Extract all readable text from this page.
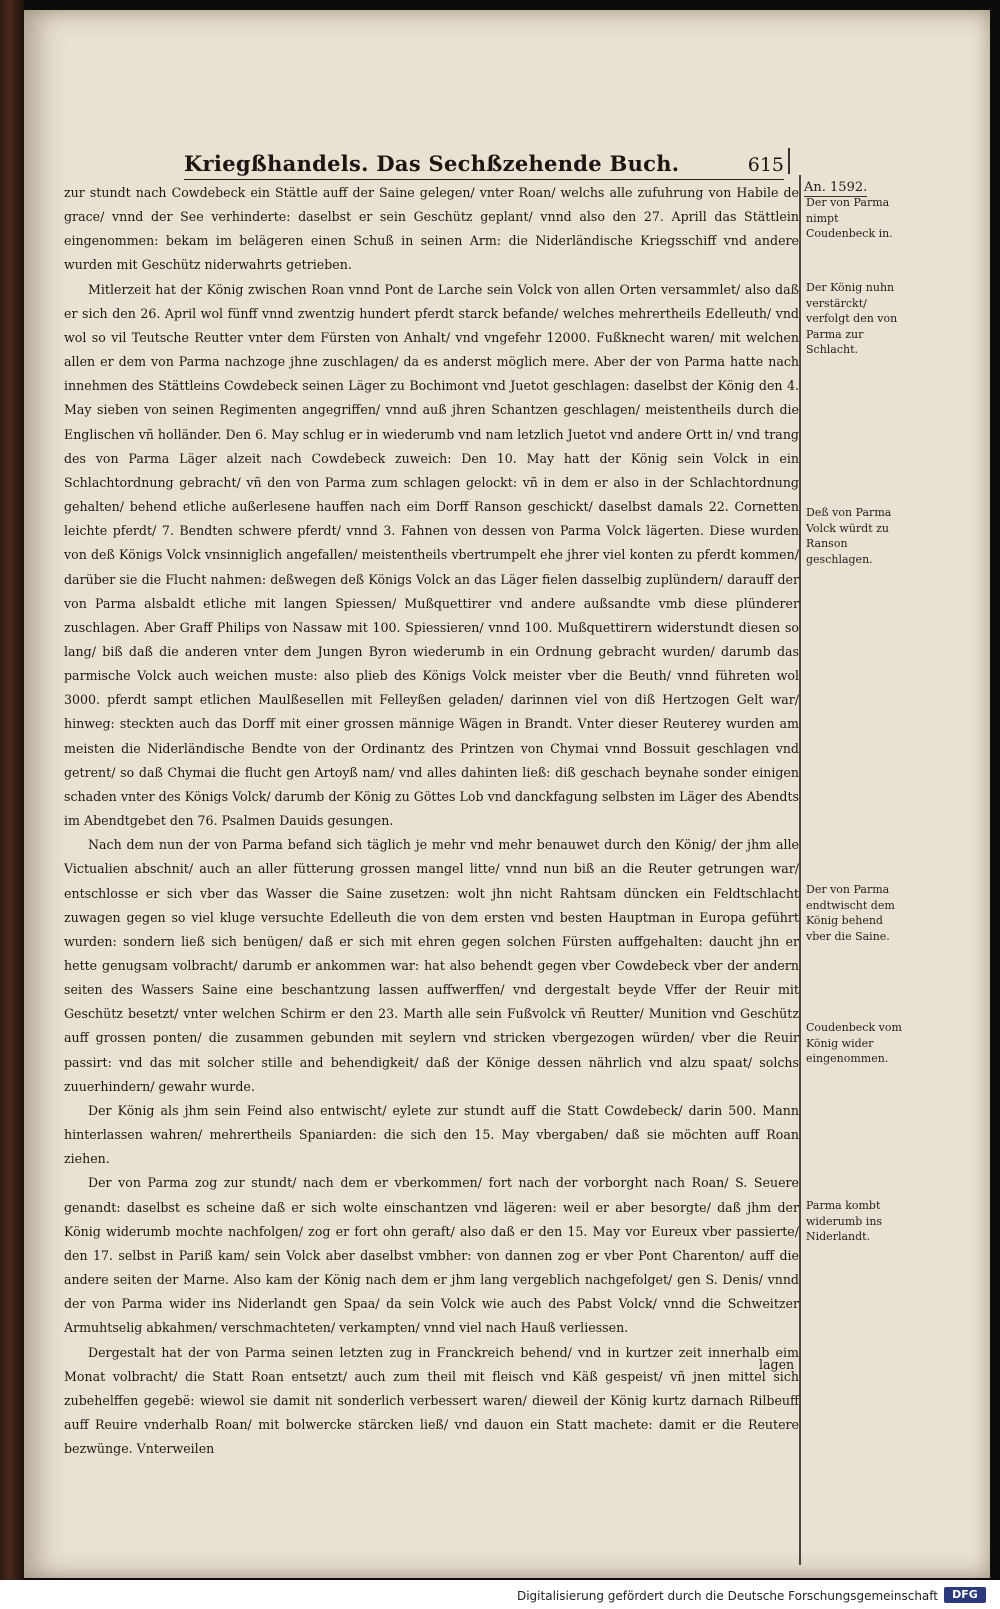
Kriegßhandels. Das Sechßzehende Buch.	615
An. 1592.

zur stundt nach Cowdebeck ein Stättle auff der Saine gelegen/ vnter Roan/ welchs alle zufuhrung von Habile de grace/ vnnd der See verhinderte: daselbst er sein Geschütz geplant/ vnnd also den 27. Aprill das Stättlein eingenommen: bekam im belägeren einen Schuß in seinen Arm: die Niderländische Kriegsschiff vnd andere wurden mit Geschütz niderwahrts getrieben.

Mitlerzeit hat der König zwischen Roan vnnd Pont de Larche sein Volck von allen Orten versammlet/ also daß er sich den 26. April wol fünff vnnd zwentzig hundert pferdt starck befande/ welches mehrertheils Edelleuth/ vnd wol so vil Teutsche Reutter vnter dem Fürsten von Anhalt/ vnd vngefehr 12000. Fußknecht waren/ mit welchen allen er dem von Parma nachzoge jhne zuschlagen/ da es anderst möglich mere. Aber der von Parma hatte nach innehmen des Stättleins Cowdebeck seinen Läger zu Bochimont vnd Juetot geschlagen: daselbst der König den 4. May sieben von seinen Regimenten angegriffen/ vnnd auß jhren Schantzen geschlagen/ meistentheils durch die Englischen vñ holländer. Den 6. May schlug er in wiederumb vnd nam letzlich Juetot vnd andere Ortt in/ vnd trang des von Parma Läger alzeit nach Cowdebeck zuweich: Den 10. May hatt der König sein Volck in ein Schlachtordnung gebracht/ vñ den von Parma zum schlagen gelockt: vñ in dem er also in der Schlachtordnung gehalten/ behend etliche außerlesene hauffen nach eim Dorff Ranson geschickt/ daselbst damals 22. Cornetten leichte pferdt/ 7. Bendten schwere pferdt/ vnnd 3. Fahnen von dessen von Parma Volck lägerten. Diese wurden von deß Königs Volck vnsinniglich angefallen/ meistentheils vbertrumpelt ehe jhrer viel konten zu pferdt kommen/ darüber sie die Flucht nahmen: deßwegen deß Königs Volck an das Läger fielen dasselbig zuplündern/ darauff der von Parma alsbaldt etliche mit langen Spiessen/ Mußquettirer vnd andere außsandte vmb diese plünderer zuschlagen. Aber Graff Philips von Nassaw mit 100. Spiessieren/ vnnd 100. Mußquettirern widerstundt diesen so lang/ biß daß die anderen vnter dem Jungen Byron wiederumb in ein Ordnung gebracht wurden/ darumb das parmische Volck auch weichen muste: also plieb des Königs Volck meister vber die Beuth/ vnnd führeten wol 3000. pferdt sampt etlichen Maulßesellen mit Felleyßen geladen/ darinnen viel von diß Hertzogen Gelt war/ hinweg: steckten auch das Dorff mit einer grossen männige Wägen in Brandt. Vnter dieser Reuterey wurden am meisten die Niderländische Bendte von der Ordinantz des Printzen von Chymai vnnd Bossuit geschlagen vnd getrent/ so daß Chymai die flucht gen Artoyß nam/ vnd alles dahinten ließ: diß geschach beynahe sonder einigen schaden vnter des Königs Volck/ darumb der König zu Göttes Lob vnd danckfagung selbsten im Läger des Abendts im Abendtgebet den 76. Psalmen Dauids gesungen.

Nach dem nun der von Parma befand sich täglich je mehr vnd mehr benauwet durch den König/ der jhm alle Victualien abschnit/ auch an aller fütterung grossen mangel litte/ vnnd nun biß an die Reuter getrungen war/ entschlosse er sich vber das Wasser die Saine zusetzen: wolt jhn nicht Rahtsam düncken ein Feldtschlacht zuwagen gegen so viel kluge versuchte Edelleuth die von dem ersten vnd besten Hauptman in Europa geführt wurden: sondern ließ sich benügen/ daß er sich mit ehren gegen solchen Fürsten auffgehalten: daucht jhn er hette genugsam volbracht/ darumb er ankommen war: hat also behendt gegen vber Cowdebeck vber der andern seiten des Wassers Saine eine beschantzung lassen auffwerffen/ vnd dergestalt beyde Vffer der Reuir mit Geschütz besetzt/ vnter welchen Schirm er den 23. Marth alle sein Fußvolck vñ Reutter/ Munition vnd Geschütz auff grossen ponten/ die zusammen gebunden mit seylern vnd stricken vbergezogen würden/ vber die Reuir passirt: vnd das mit solcher stille and behendigkeit/ daß der Könige dessen nährlich vnd alzu spaat/ solchs zuuerhindern/ gewahr wurde.

Der König als jhm sein Feind also entwischt/ eylete zur stundt auff die Statt Cowdebeck/ darin 500. Mann hinterlassen wahren/ mehrertheils Spaniarden: die sich den 15. May vbergaben/ daß sie möchten auff Roan ziehen.

Der von Parma zog zur stundt/ nach dem er vberkommen/ fort nach der vorborght nach Roan/ S. Seuere genandt: daselbst es scheine daß er sich wolte einschantzen vnd lägeren: weil er aber besorgte/ daß jhm der König widerumb mochte nachfolgen/ zog er fort ohn geraft/ also daß er den 15. May vor Eureux vber passierte/ den 17. selbst in Pariß kam/ sein Volck aber daselbst vmbher: von dannen zog er vber Pont Charenton/ auff die andere seiten der Marne. Also kam der König nach dem er jhm lang vergeblich nachgefolget/ gen S. Denis/ vnnd der von Parma wider ins Niderlandt gen Spaa/ da sein Volck wie auch des Pabst Volck/ vnnd die Schweitzer Armuhtselig abkahmen/ verschmachteten/ verkampten/ vnnd viel nach Hauß verliessen.

Dergestalt hat der von Parma seinen letzten zug in Franckreich behend/ vnd in kurtzer zeit innerhalb eim Monat volbracht/ die Statt Roan entsetzt/ auch zum theil mit fleisch vnd Käß gespeist/ vñ jnen mittel sich zubehelffen gegebë: wiewol sie damit nit sonderlich verbessert waren/ dieweil der König kurtz darnach Rilbeuff auff Reuire vnderhalb Roan/ mit bolwercke stärcken ließ/ vnd dauon ein Statt machete: damit er die Reutere bezwünge. Vnterweilen

lagen
Der von Parma nimpt Coudenbeck in.
Der König nuhn verstärckt/ verfolgt den von Parma zur Schlacht.
Deß von Parma Volck würdt zu Ranson geschlagen.
Der von Parma endtwischt dem König behend vber die Saine.
Coudenbeck vom König wider eingenommen.
Parma kombt widerumb ins Niderlandt.
Digitalisierung gefördert durch die Deutsche Forschungsgemeinschaft	DFG
